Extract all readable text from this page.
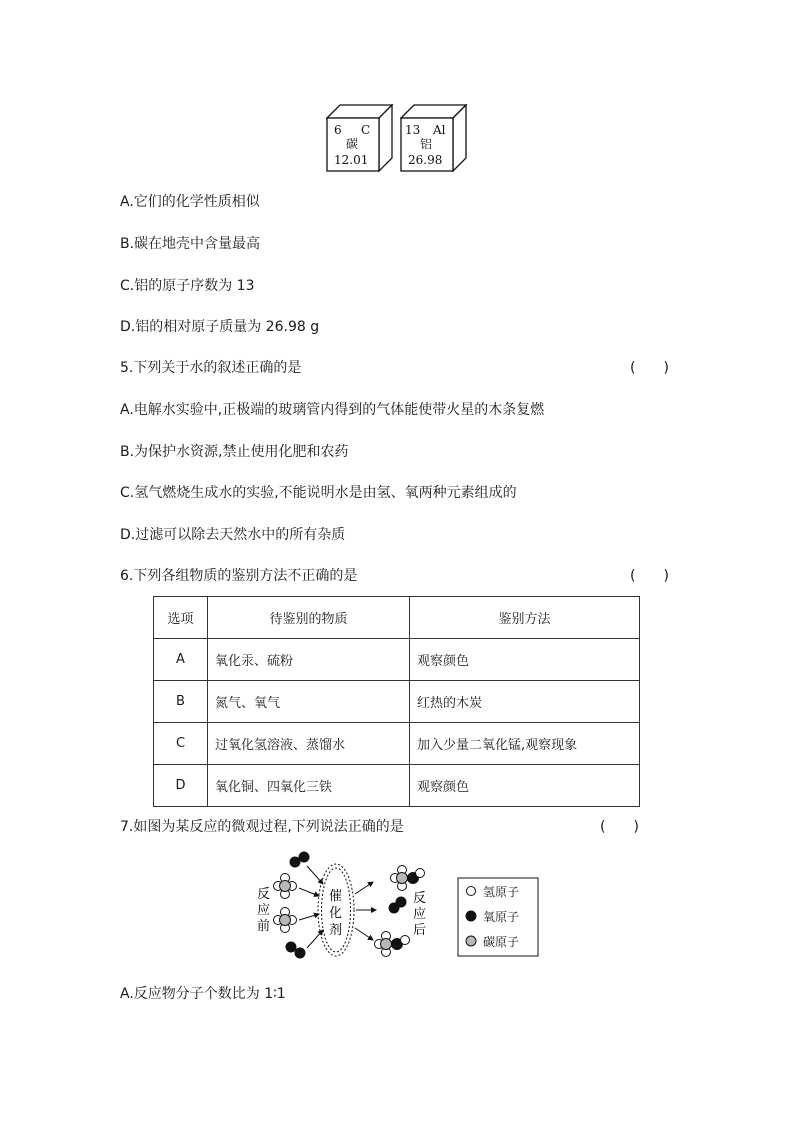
6 C
碳
12.01
13 Al
铝
26.98
A.它们的化学性质相似
B.碳在地壳中含量最高
C.铝的原子序数为 13
D.铝的相对原子质量为 26.98 g
5.下列关于水的叙述正确的是	(　　)
A.电解水实验中,正极端的玻璃管内得到的气体能使带火星的木条复燃
B.为保护水资源,禁止使用化肥和农药
C.氢气燃烧生成水的实验,不能说明水是由氢、氧两种元素组成的
D.过滤可以除去天然水中的所有杂质
6.下列各组物质的鉴别方法不正确的是	(　　)
选项	待鉴别的物质	鉴别方法
A	氧化汞、硫粉	观察颜色
B	氮气、氧气	红热的木炭
C	过氧化氢溶液、蒸馏水	加入少量二氧化锰,观察现象
D	氧化铜、四氧化三铁	观察颜色
7.如图为某反应的微观过程,下列说法正确的是	(　　)
反
应
前
催
化
剂
反
应
后
氢原子
氧原子
碳原子
A.反应物分子个数比为 1∶1
